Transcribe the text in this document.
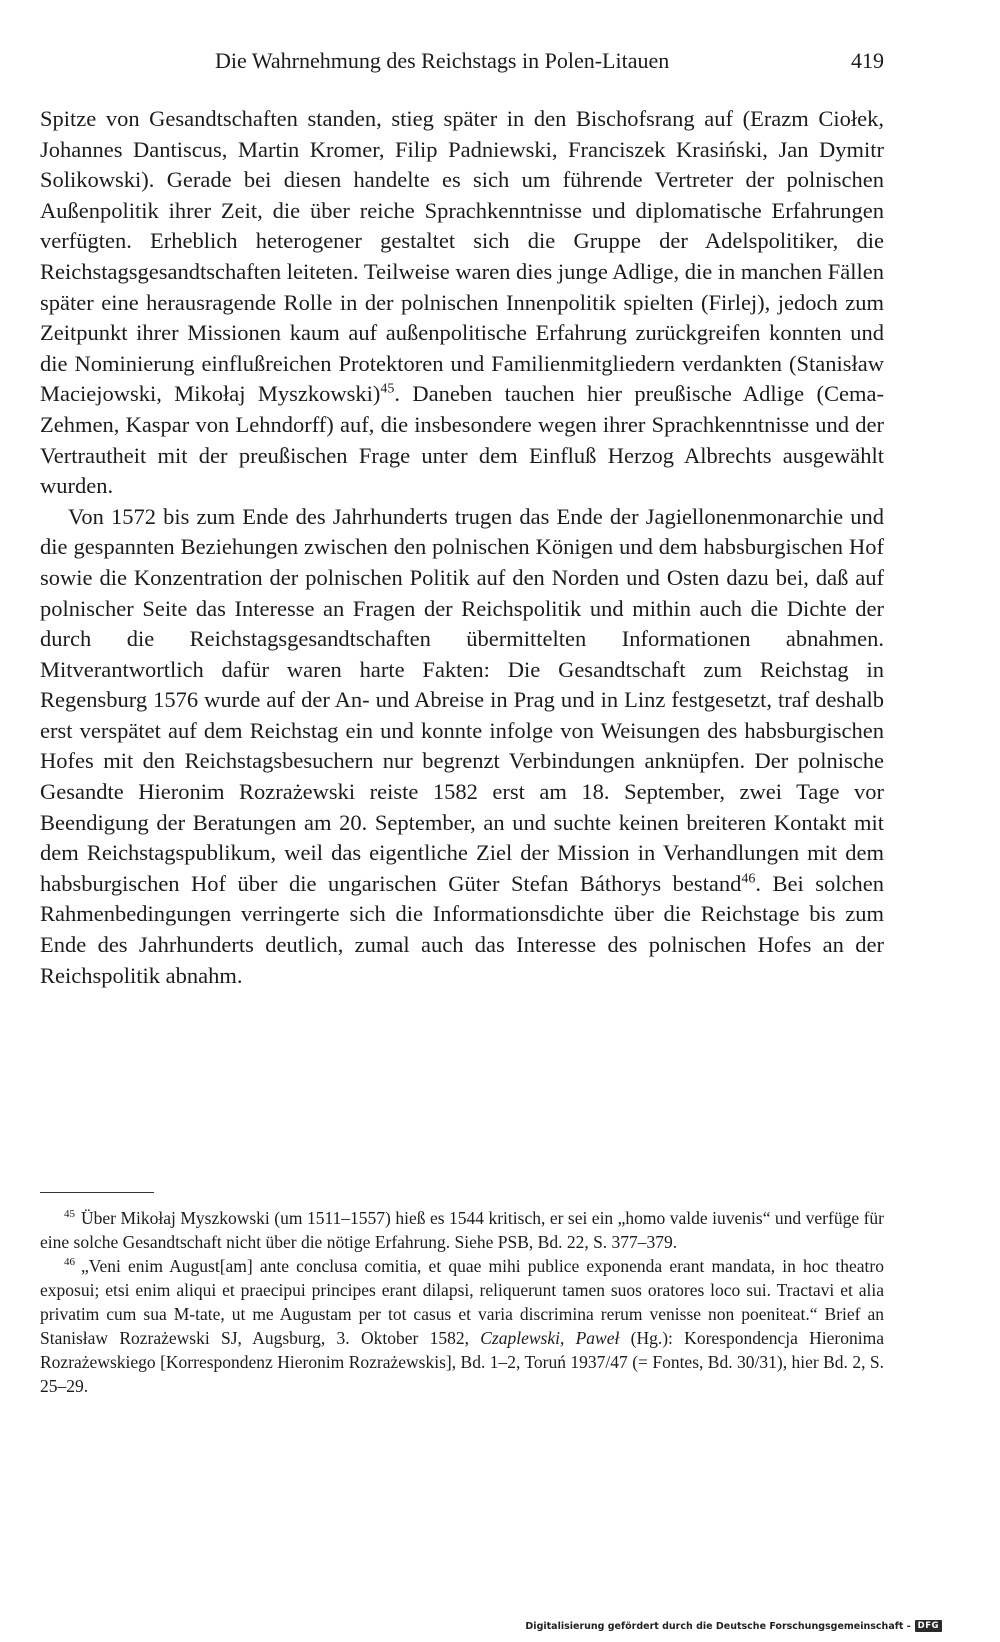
Die Wahrnehmung des Reichstags in Polen-Litauen	419

Spitze von Gesandtschaften standen, stieg später in den Bischofsrang auf (Erazm Ciołek, Johannes Dantiscus, Martin Kromer, Filip Padniewski, Franciszek Krasiński, Jan Dymitr Solikowski). Gerade bei diesen handelte es sich um führende Vertreter der polnischen Außenpolitik ihrer Zeit, die über reiche Sprachkenntnisse und diplomatische Erfahrungen verfügten. Erheblich heterogener gestaltet sich die Gruppe der Adelspolitiker, die Reichstagsgesandtschaften leiteten. Teilweise waren dies junge Adlige, die in manchen Fällen später eine herausragende Rolle in der polnischen Innenpolitik spielten (Firlej), jedoch zum Zeitpunkt ihrer Missionen kaum auf außenpolitische Erfahrung zurückgreifen konnten und die Nominierung einflußreichen Protektoren und Familienmitgliedern verdankten (Stanisław Maciejowski, Mikołaj Myszkowski)$^{45}$. Daneben tauchen hier preußische Adlige (Cema-Zehmen, Kaspar von Lehndorff) auf, die insbesondere wegen ihrer Sprachkenntnisse und der Vertrautheit mit der preußischen Frage unter dem Einfluß Herzog Albrechts ausgewählt wurden.

Von 1572 bis zum Ende des Jahrhunderts trugen das Ende der Jagiellonenmonarchie und die gespannten Beziehungen zwischen den polnischen Königen und dem habsburgischen Hof sowie die Konzentration der polnischen Politik auf den Norden und Osten dazu bei, daß auf polnischer Seite das Interesse an Fragen der Reichspolitik und mithin auch die Dichte der durch die Reichstagsgesandtschaften übermittelten Informationen abnahmen. Mitverantwortlich dafür waren harte Fakten: Die Gesandtschaft zum Reichstag in Regensburg 1576 wurde auf der An- und Abreise in Prag und in Linz festgesetzt, traf deshalb erst verspätet auf dem Reichstag ein und konnte infolge von Weisungen des habsburgischen Hofes mit den Reichstagsbesuchern nur begrenzt Verbindungen anknüpfen. Der polnische Gesandte Hieronim Rozrażewski reiste 1582 erst am 18. September, zwei Tage vor Beendigung der Beratungen am 20. September, an und suchte keinen breiteren Kontakt mit dem Reichstagspublikum, weil das eigentliche Ziel der Mission in Verhandlungen mit dem habsburgischen Hof über die ungarischen Güter Stefan Báthorys bestand$^{46}$. Bei solchen Rahmenbedingungen verringerte sich die Informationsdichte über die Reichstage bis zum Ende des Jahrhunderts deutlich, zumal auch das Interesse des polnischen Hofes an der Reichspolitik abnahm.

$^{45}$ Über Mikołaj Myszkowski (um 1511–1557) hieß es 1544 kritisch, er sei ein „homo valde iuvenis“ und verfüge für eine solche Gesandtschaft nicht über die nötige Erfahrung. Siehe PSB, Bd. 22, S. 377–379.

$^{46}$ „Veni enim August[am] ante conclusa comitia, et quae mihi publice exponenda erant mandata, in hoc theatro exposui; etsi enim aliqui et praecipui principes erant dilapsi, reliquerunt tamen suos oratores loco sui. Tractavi et alia privatim cum sua M-tate, ut me Augustam per tot casus et varia discrimina rerum venisse non poeniteat.“ Brief an Stanisław Rozrażewski SJ, Augsburg, 3. Oktober 1582, Czaplewski, Paweł (Hg.): Korespondencja Hieronima Rozrażewskiego [Korrespondenz Hieronim Rozrażewskis], Bd. 1–2, Toruń 1937/47 (= Fontes, Bd. 30/31), hier Bd. 2, S. 25–29.

Digitalisierung gefördert durch die Deutsche Forschungsgemeinschaft - DFG
